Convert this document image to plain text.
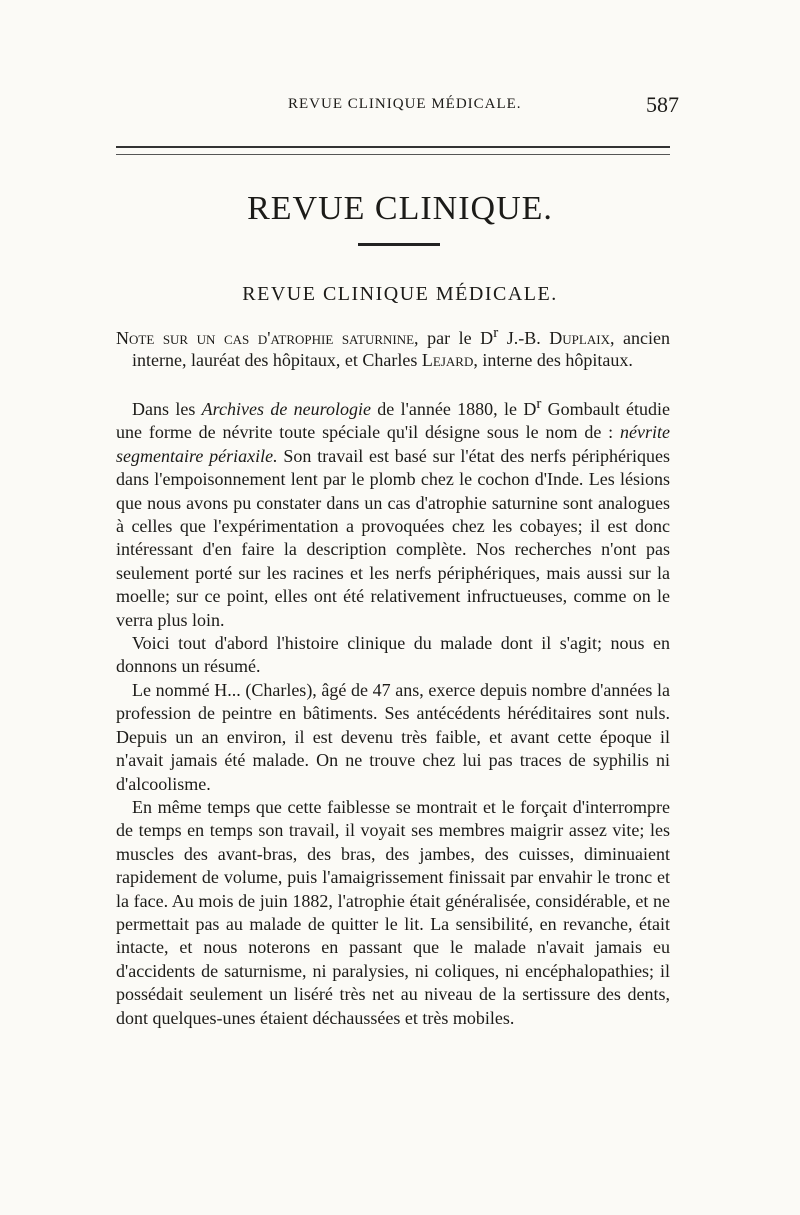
REVUE CLINIQUE MÉDICALE.	587
REVUE CLINIQUE.
REVUE CLINIQUE MÉDICALE.

Note sur un cas d'atrophie saturnine, par le $D^r$ J.-B. Duplaix, ancien interne, lauréat des hôpitaux, et Charles Lejard, interne des hôpitaux.

Dans les Archives de neurologie de l'année 1880, le $D^r$ Gombault étudie une forme de névrite toute spéciale qu'il désigne sous le nom de : névrite segmentaire périaxile. Son travail est basé sur l'état des nerfs périphériques dans l'empoisonnement lent par le plomb chez le cochon d'Inde. Les lésions que nous avons pu constater dans un cas d'atrophie saturnine sont analogues à celles que l'expérimentation a provoquées chez les cobayes; il est donc intéressant d'en faire la description complète. Nos recherches n'ont pas seulement porté sur les racines et les nerfs périphériques, mais aussi sur la moelle; sur ce point, elles ont été relativement infructueuses, comme on le verra plus loin.

Voici tout d'abord l'histoire clinique du malade dont il s'agit; nous en donnons un résumé.

Le nommé H... (Charles), âgé de 47 ans, exerce depuis nombre d'années la profession de peintre en bâtiments. Ses antécédents héréditaires sont nuls. Depuis un an environ, il est devenu très faible, et avant cette époque il n'avait jamais été malade. On ne trouve chez lui pas traces de syphilis ni d'alcoolisme.

En même temps que cette faiblesse se montrait et le forçait d'interrompre de temps en temps son travail, il voyait ses membres maigrir assez vite; les muscles des avant-bras, des bras, des jambes, des cuisses, diminuaient rapidement de volume, puis l'amaigrissement finissait par envahir le tronc et la face. Au mois de juin 1882, l'atrophie était généralisée, considérable, et ne permettait pas au malade de quitter le lit. La sensibilité, en revanche, était intacte, et nous noterons en passant que le malade n'avait jamais eu d'accidents de saturnisme, ni paralysies, ni coliques, ni encéphalopathies; il possédait seulement un liséré très net au niveau de la sertissure des dents, dont quelques-unes étaient déchaussées et très mobiles.
